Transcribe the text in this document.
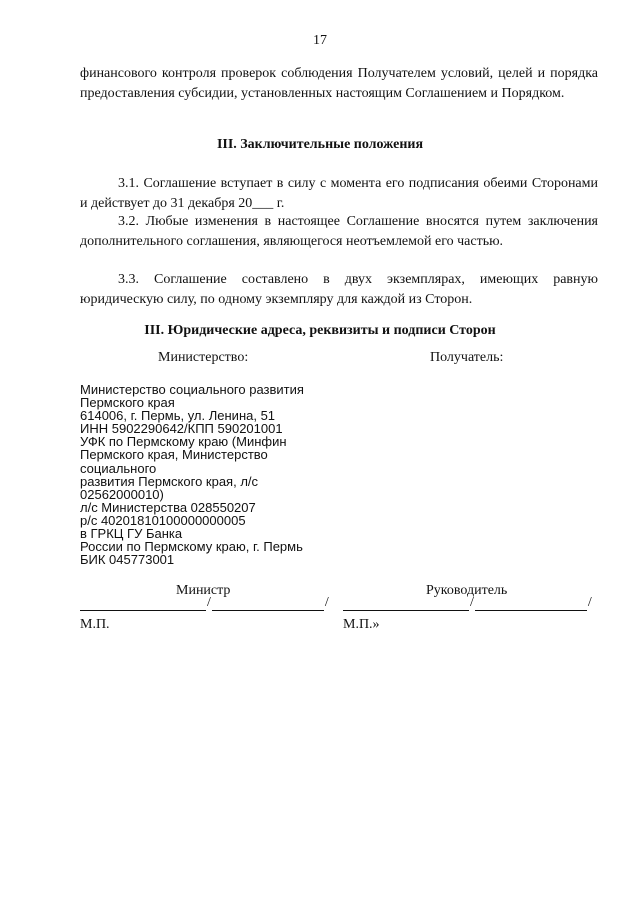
17

финансового контроля проверок соблюдения Получателем условий, целей и порядка предоставления субсидии, установленных настоящим Соглашением и Порядком.

III. Заключительные положения

3.1. Соглашение вступает в силу с момента его подписания обеими Сторонами и действует до 31 декабря 20___ г.

3.2. Любые изменения в настоящее Соглашение вносятся путем заключения дополнительного соглашения, являющегося неотъемлемой его частью.

3.3. Соглашение составлено в двух экземплярах, имеющих равную юридическую силу, по одному экземпляру для каждой из Сторон.

III. Юридические адреса, реквизиты и подписи Сторон
Министерство:	Получатель:
Министерство социального развития
Пермского края
614006, г. Пермь, ул. Ленина, 51
ИНН 5902290642/КПП 590201001
УФК по Пермскому краю (Минфин
Пермского края, Министерство
социального
развития Пермского края, л/с
02562000010)
л/с Министерства 028550207
р/с 40201810100000000005
в ГРКЦ ГУ Банка
России по Пермскому краю, г. Пермь
БИК 045773001
Министр	Руководитель
/	/	/	/
М.П.	М.П.»
